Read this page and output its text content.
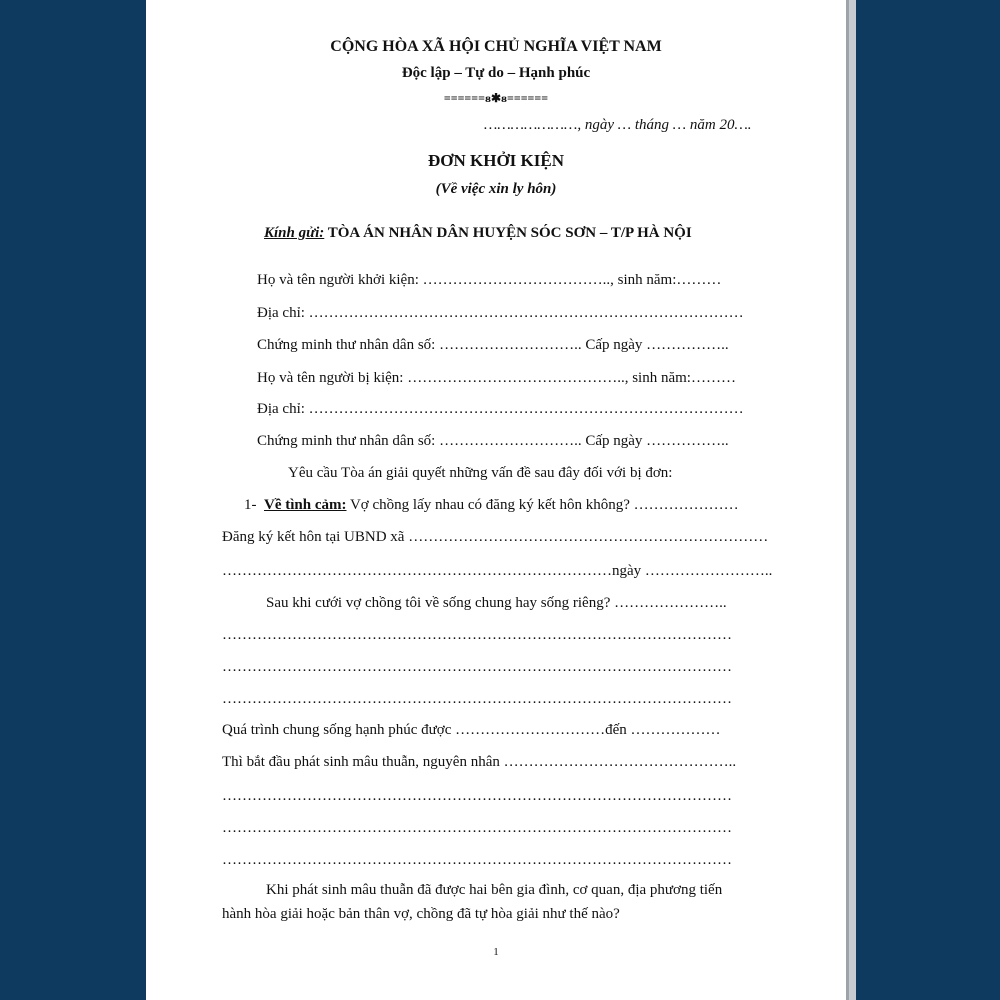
CỘNG HÒA XÃ HỘI CHỦ NGHĨA VIỆT NAM
Độc lập – Tự do – Hạnh phúc
======ᴕ✱ᴕ======
…………………, ngày … tháng … năm 20….
ĐƠN KHỞI KIỆN
(Về việc xin ly hôn)
Kính gửi: TÒA ÁN NHÂN DÂN HUYỆN SÓC SƠN – T/P HÀ NỘI
Họ và tên người khởi kiện: ……………………………….., sinh năm:………
Địa chỉ: ……………………………………………………………………………
Chứng minh thư nhân dân số: ……………………….. Cấp ngày ……………..
Họ và tên người bị kiện: …………………………………….., sinh năm:………
Địa chỉ: ……………………………………………………………………………
Chứng minh thư nhân dân số: ……………………….. Cấp ngày ……………..
Yêu cầu Tòa án giải quyết những vấn đề sau đây đối với bị đơn:
1- Về tình cảm: Vợ chồng lấy nhau có đăng ký kết hôn không? …………………
Đăng ký kết hôn tại UBND xã ………………………………………………………………
……………………………………………………………………ngày ……………………..
Sau khi cưới vợ chồng tôi về sống chung hay sống riêng? …………………..
…………………………………………………………………………………………
…………………………………………………………………………………………
…………………………………………………………………………………………
Quá trình chung sống hạnh phúc được …………………………đến ………………
Thì bắt đầu phát sinh mâu thuẫn, nguyên nhân ………………………………………..
…………………………………………………………………………………………
…………………………………………………………………………………………
…………………………………………………………………………………………
Khi phát sinh mâu thuẫn đã được hai bên gia đình, cơ quan, địa phương tiến
hành hòa giải hoặc bản thân vợ, chồng đã tự hòa giải như thế nào?
1
